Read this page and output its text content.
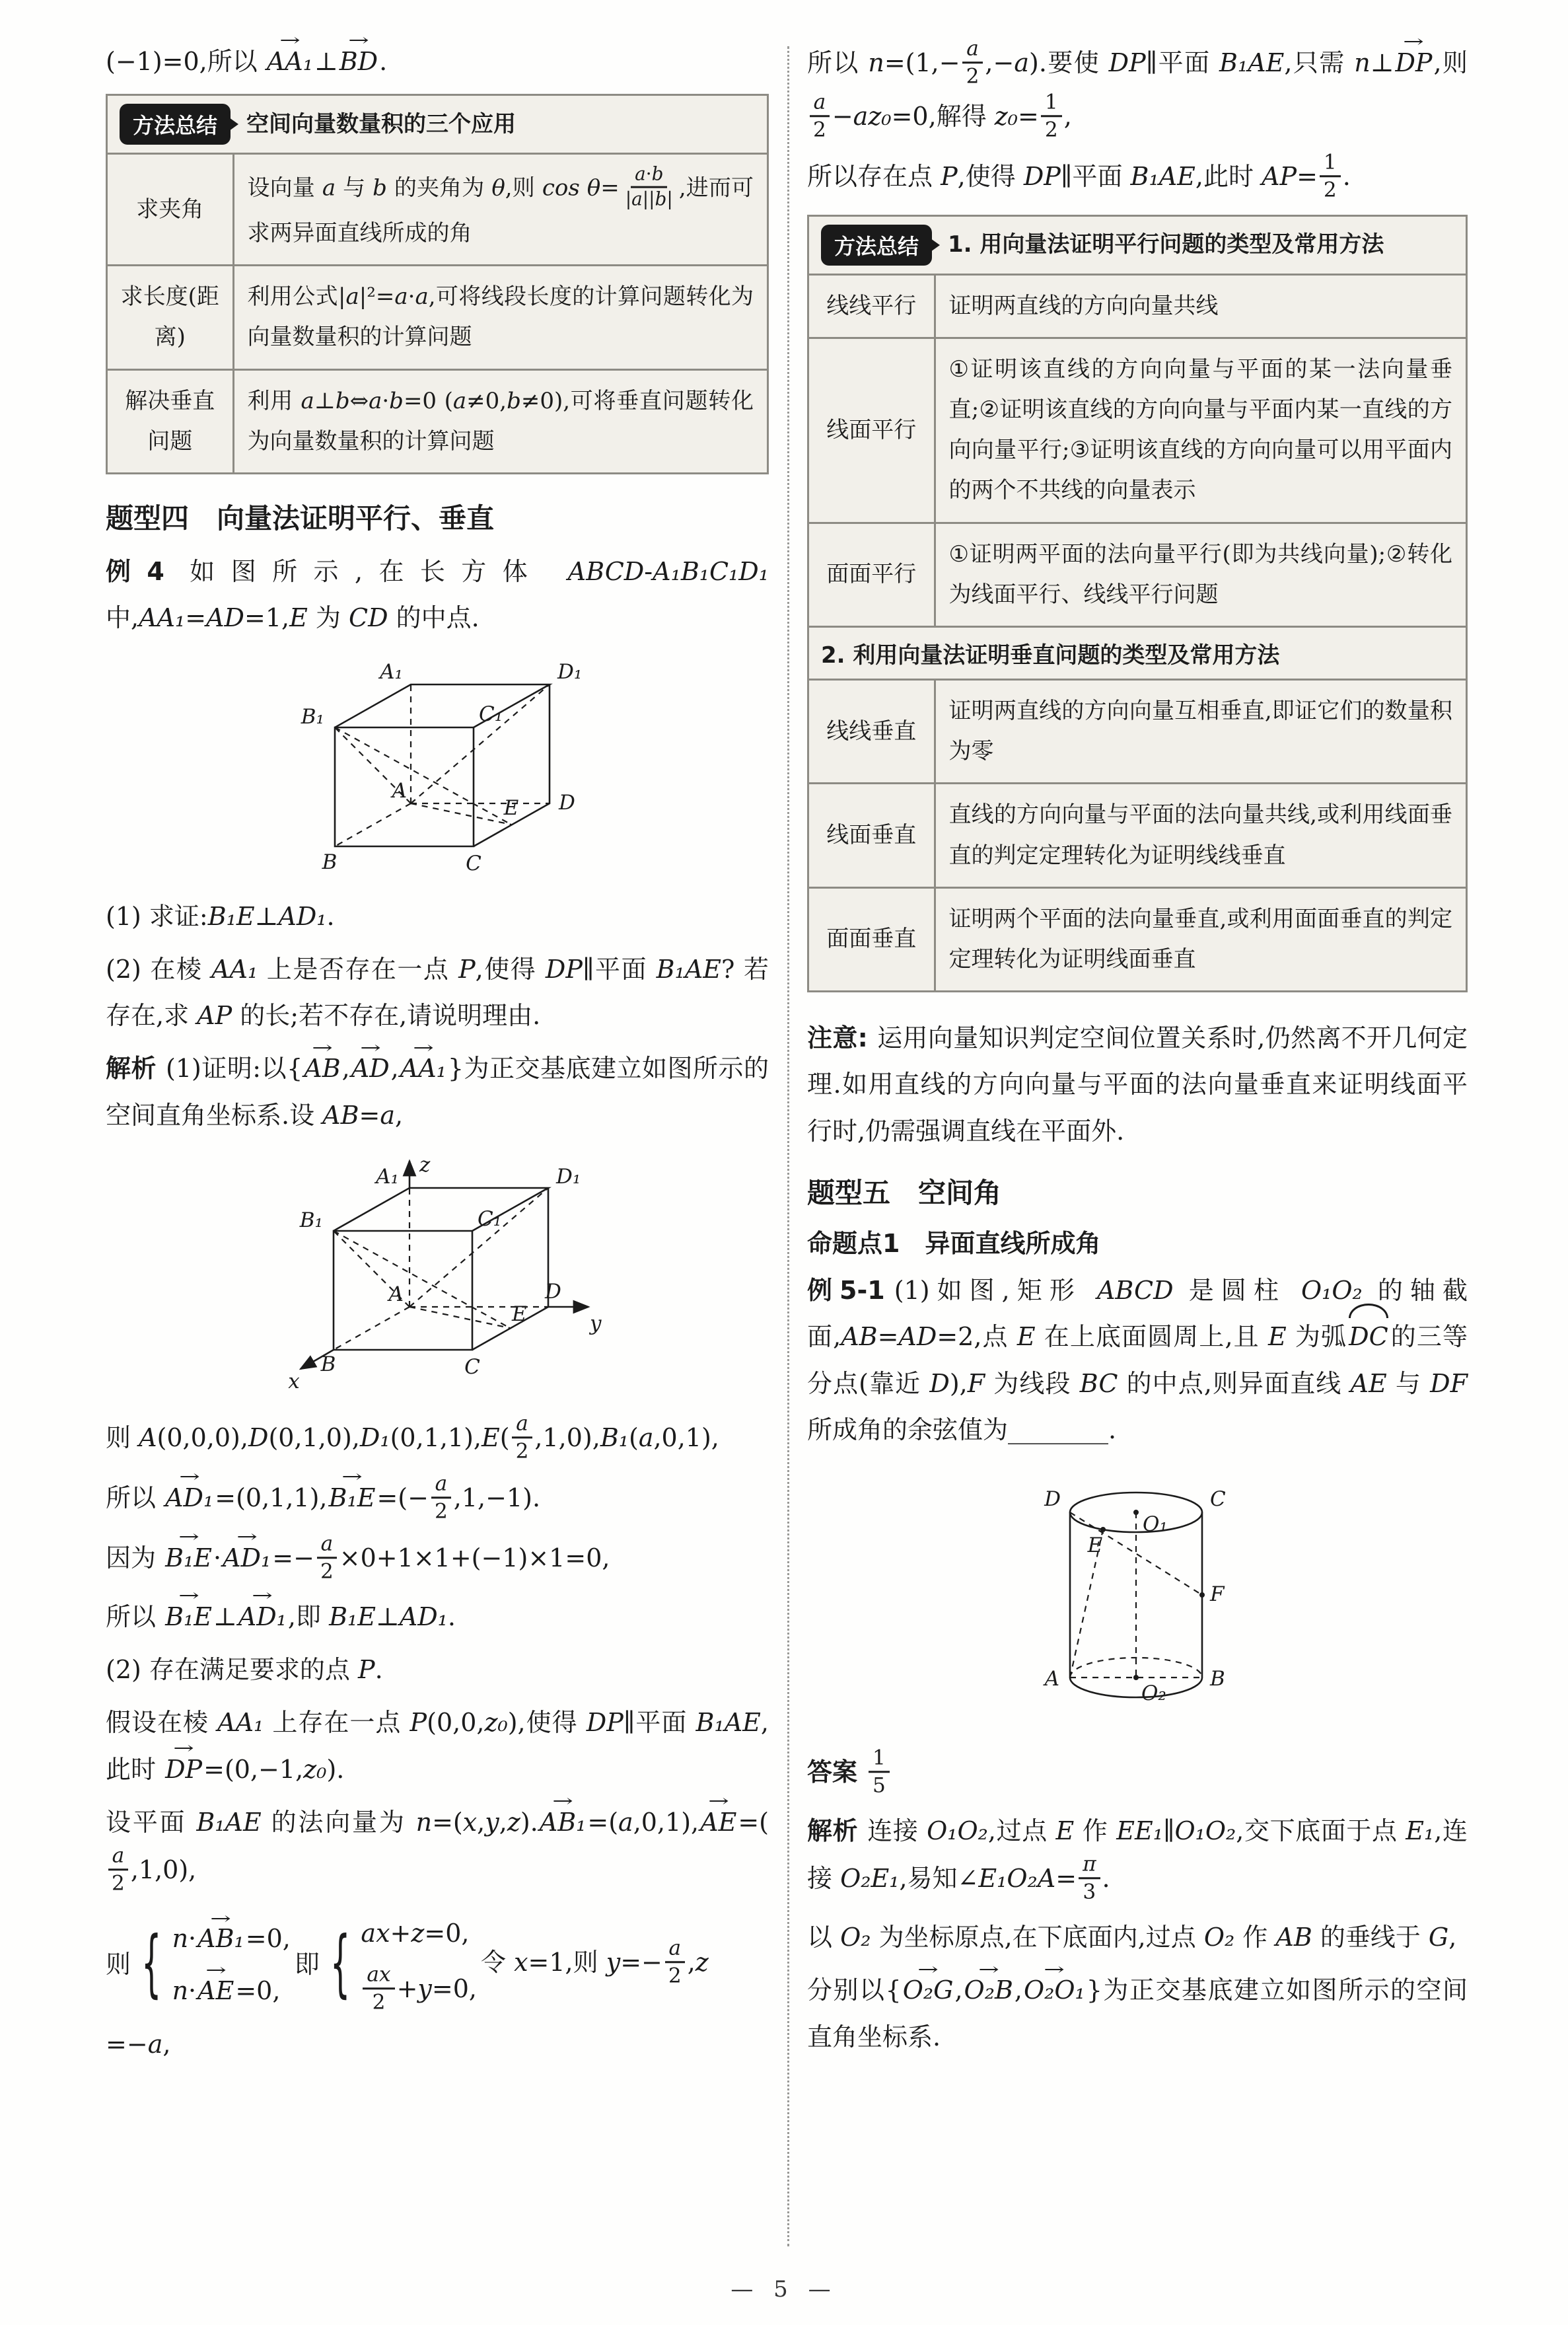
(−1)=0,所以 AA₁ →⊥BD →.

方法总结	空间向量数量积的三个应用
求夹角	设向量 a 与 b 的夹角为 θ,则 $\cos \theta= \frac{a\cdot b}{|a||b|}$ ,进而可求两异面直线所成的角
求长度(距离)	利用公式|a|²=a·a,可将线段长度的计算问题转化为向量数量积的计算问题
解决垂直问题	利用 a⊥b⇔a·b=0 (a≠0,b≠0),可将垂直问题转化为向量数量积的计算问题
题型四　向量法证明平行、垂直

例4 如图所示,在长方体 ABCD-A₁B₁C₁D₁ 中,AA₁=AD=1,E 为 CD 的中点.

A₁	D₁
B₁	C₁
A	D
E
B	C

(1) 求证:B₁E⊥AD₁.

(2) 在棱 AA₁ 上是否存在一点 P,使得 DP∥平面 B₁AE? 若存在,求 AP 的长;若不存在,请说明理由.

解析 (1)证明:以{AB →,AD →,AA₁ →}为正交基底建立如图所示的空间直角坐标系.设 AB=a,

z
A₁	D₁
B₁	C₁
A	D
y
E
B	C
x

则 $A(0,0,0),D(0,1,0),D_1(0,1,1),E( \frac{a}{2} ,1,0),B_1(a,0,1)$,

所以 AD₁ →=(0,1,1),B₁E →=(− $\frac{a}{2} ,1,-1$).

因为 B₁E →·AD₁ →=− $\frac{a}{2} \times 0+1\times 1+(-1)\times 1=0$,

所以 B₁E →⊥AD₁ →,即 B₁E⊥AD₁.

(2) 存在满足要求的点 P.

假设在棱 AA₁ 上存在一点 P(0,0,z₀),使得 DP∥平面 B₁AE,此时 DP →=(0,−1,z₀).

设平面 B₁AE 的法向量为 n=(x,y,z).AB₁ →=(a,0,1),AE →=(
$\frac{a}{2} ,1,0$),

则 { n·AB₁ →=0,
n·AE →=0,
即 { ax+z=0,
$\frac{ax}{2} +y=0$,
令 x=1,则 $y=- \frac{a}{2} ,z$

=−a,

所以 $n=(1,- \frac{a}{2} ,-a)$.要使 DP∥平面 B₁AE,只需 n⊥DP →,则
$\frac{a}{2} -az_0=0$,解得 $z_0= \frac{1}{2}$ ,

所以存在点 P,使得 DP∥平面 B₁AE,此时 $AP= \frac{1}{2}$ .

方法总结	1. 用向量法证明平行问题的类型及常用方法
线线平行	证明两直线的方向向量共线
线面平行	①证明该直线的方向向量与平面的某一法向量垂直;②证明该直线的方向向量与平面内某一直线的方向向量平行;③证明该直线的方向向量可以用平面内的两个不共线的向量表示
面面平行	①证明两平面的法向量平行(即为共线向量);②转化为线面平行、线线平行问题
2. 利用向量法证明垂直问题的类型及常用方法
线线垂直	证明两直线的方向向量互相垂直,即证它们的数量积为零
线面垂直	直线的方向向量与平面的法向量共线,或利用线面垂直的判定定理转化为证明线线垂直
面面垂直	证明两个平面的法向量垂直,或利用面面垂直的判定定理转化为证明线面垂直

注意: 运用向量知识判定空间位置关系时,仍然离不开几何定理.如用直线的方向向量与平面的法向量垂直来证明线面平行时,仍需强调直线在平面外.

题型五　空间角
命题点1　异面直线所成角

例5-1 (1)如图,矩形 ABCD 是圆柱 O₁O₂ 的轴截面,AB=AD=2,点 E 在上底面圆周上,且 E 为弧DC的三等分点(靠近 D),F 为线段 BC 的中点,则异面直线 AE 与 DF 所成角的余弦值为________.

D
O₁
C
E
F
A
O₂
B

答案 $\frac{1}{5}$

解析 连接 O₁O₂,过点 E 作 EE₁∥O₁O₂,交下底面于点 E₁,连接 O₂E₁,易知∠E₁O₂A= $\frac{\pi}{3}$ .

以 O₂ 为坐标原点,在下底面内,过点 O₂ 作 AB 的垂线于 G,

分别以{O₂G →,O₂B →,O₂O₁ →}为正交基底建立如图所示的空间直角坐标系.

— 5 —
